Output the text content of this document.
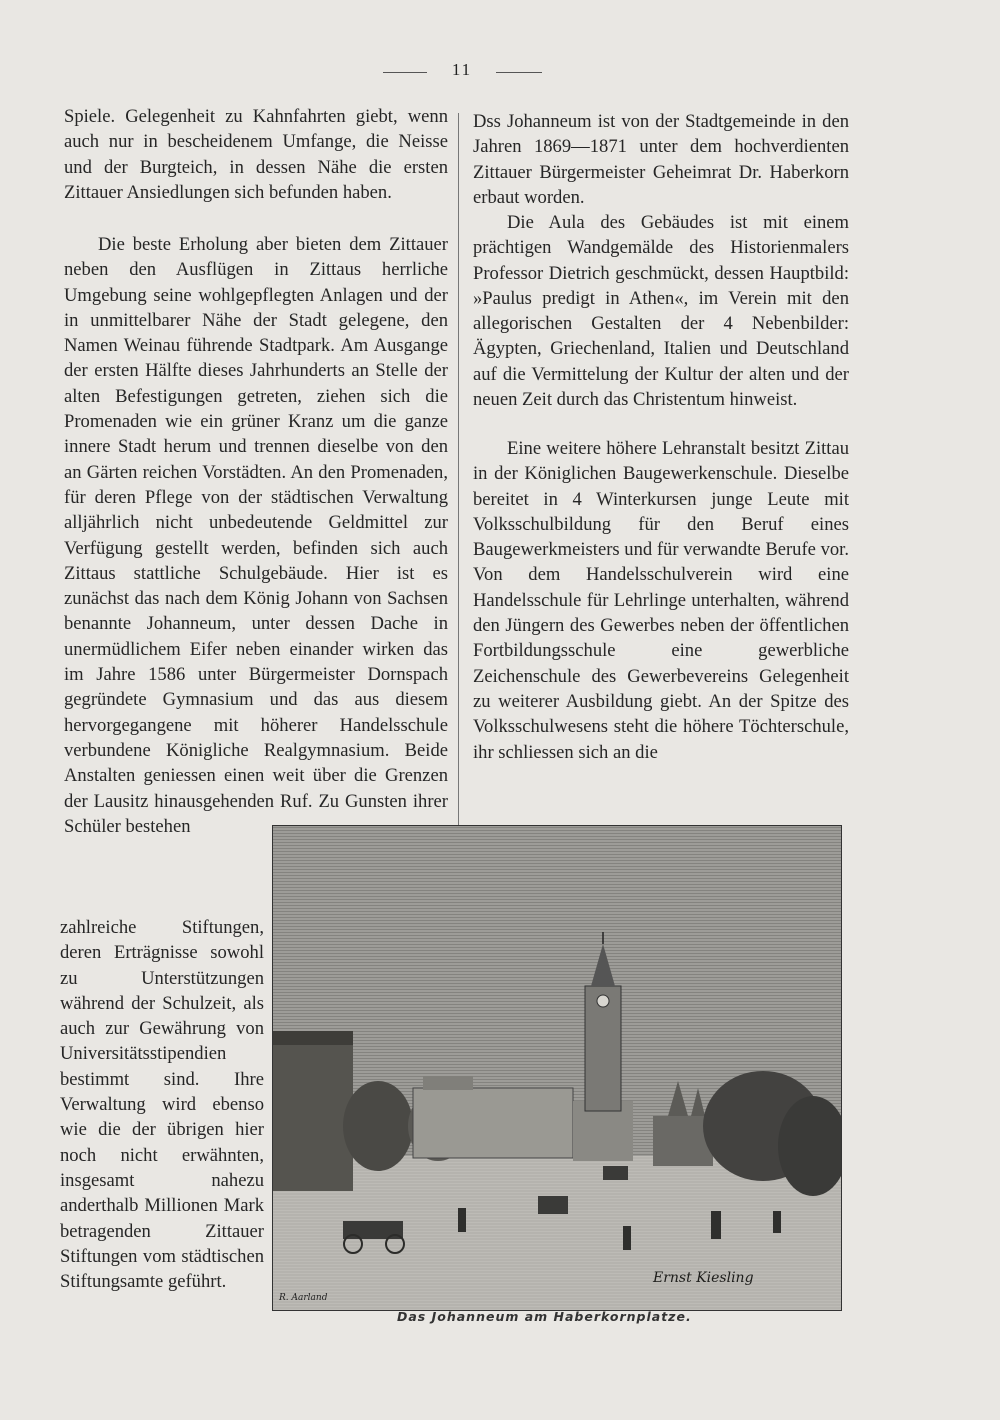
11

Spiele. Gelegenheit zu Kahnfahrten giebt, wenn auch nur in bescheidenem Umfange, die Neisse und der Burgteich, in dessen Nähe die ersten Zittauer Ansiedlungen sich befunden haben.

Die beste Erholung aber bieten dem Zittauer neben den Ausflügen in Zittaus herrliche Umgebung seine wohlgepflegten Anlagen und der in unmittelbarer Nähe der Stadt gelegene, den Namen Weinau führende Stadtpark. Am Ausgange der ersten Hälfte dieses Jahrhunderts an Stelle der alten Befestigungen getreten, ziehen sich die Promenaden wie ein grüner Kranz um die ganze innere Stadt herum und trennen dieselbe von den an Gärten reichen Vorstädten. An den Promenaden, für deren Pflege von der städtischen Verwaltung alljährlich nicht unbedeutende Geldmittel zur Verfügung gestellt werden, befinden sich auch Zittaus stattliche Schulgebäude. Hier ist es zunächst das nach dem König Johann von Sachsen benannte Johanneum, unter dessen Dache in unermüdlichem Eifer neben einander wirken das im Jahre 1586 unter Bürgermeister Dornspach gegründete Gymnasium und das aus diesem hervorgegangene mit höherer Handelsschule verbundene Königliche Realgymnasium. Beide Anstalten geniessen einen weit über die Grenzen der Lausitz hinausgehenden Ruf. Zu Gunsten ihrer Schüler bestehen

zahlreiche Stiftungen, deren Erträgnisse sowohl zu Unterstützungen während der Schulzeit, als auch zur Gewährung von Universitätsstipendien bestimmt sind. Ihre Verwaltung wird ebenso wie die der übrigen hier noch nicht erwähnten, insgesamt nahezu anderthalb Millionen Mark betragenden Zittauer Stiftungen vom städtischen Stiftungsamte geführt.

Dss Johanneum ist von der Stadtgemeinde in den Jahren 1869—1871 unter dem hochverdienten Zittauer Bürgermeister Geheimrat Dr. Haberkorn erbaut worden.

Die Aula des Gebäudes ist mit einem prächtigen Wandgemälde des Historienmalers Professor Dietrich geschmückt, dessen Hauptbild: »Paulus predigt in Athen«, im Verein mit den allegorischen Gestalten der 4 Nebenbilder: Ägypten, Griechenland, Italien und Deutschland auf die Vermittelung der Kultur der alten und der neuen Zeit durch das Christentum hinweist.

Eine weitere höhere Lehranstalt besitzt Zittau in der Königlichen Baugewerkenschule. Dieselbe bereitet in 4 Winterkursen junge Leute mit Volksschulbildung für den Beruf eines Baugewerkmeisters und für verwandte Berufe vor. Von dem Handelsschulverein wird eine Handelsschule für Lehrlinge unterhalten, während den Jüngern des Gewerbes neben der öffentlichen Fortbildungsschule eine gewerbliche Zeichenschule des Gewerbevereins Gelegenheit zu weiterer Ausbildung giebt. An der Spitze des Volksschulwesens steht die höhere Töchterschule, ihr schliessen sich an die

R. Aarland
Ernst Kiesling
Das Johanneum am Haberkornplatze.
